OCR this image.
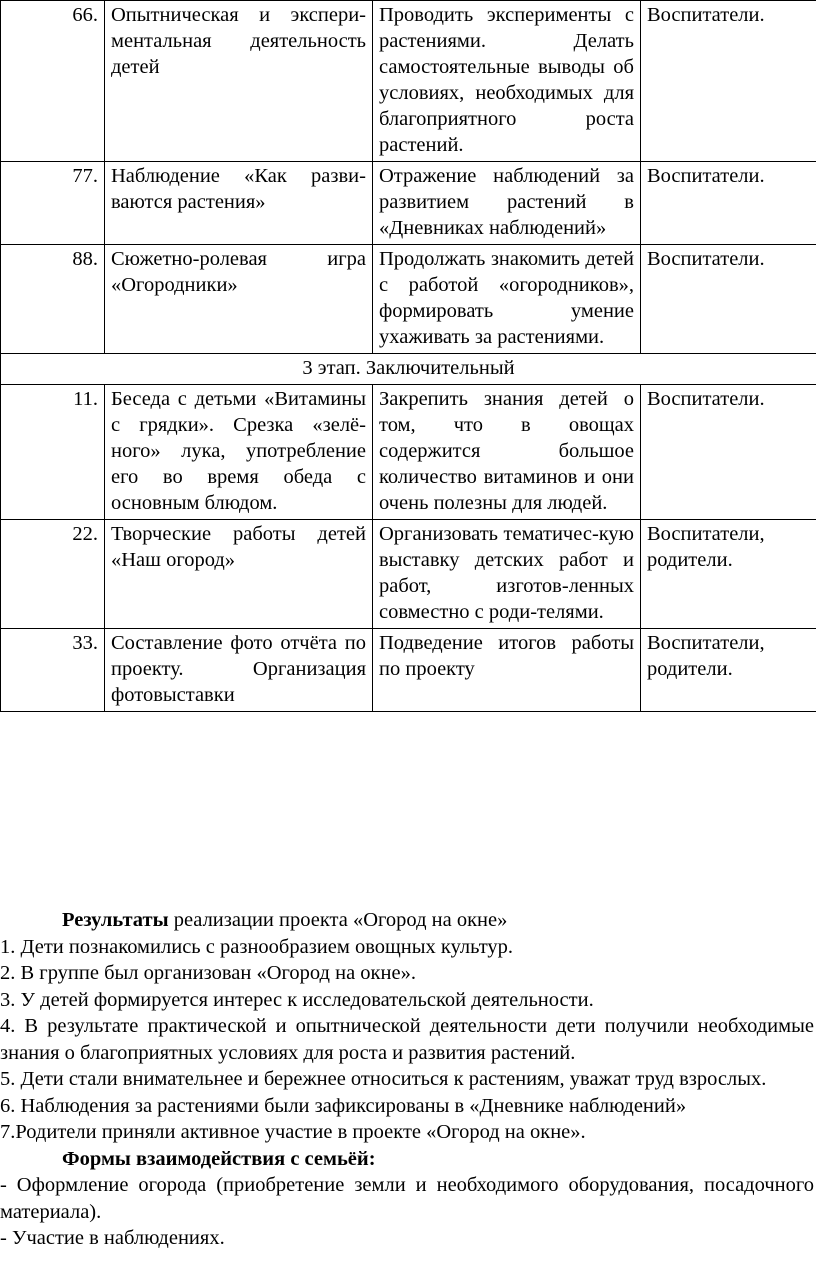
66.	Опытническая и экспери-ментальная деятельность детей	Проводить эксперименты с растениями. Делать самостоятельные выводы об условиях, необходимых для благоприятного роста растений.	Воспитатели.
77.	Наблюдение «Как разви-ваются растения»	Отражение наблюдений за развитием растений в «Дневниках наблюдений»	Воспитатели.
88.	Сюжетно-ролевая игра «Огородники»	Продолжать знакомить детей с работой «огородников», формировать умение ухаживать за растениями.	Воспитатели.
3 этап. Заключительный			
11.	Беседа с детьми «Витамины с грядки». Срезка «зелё-ного» лука, употребление его во время обеда с основным блюдом.	Закрепить знания детей о том, что в овощах содержится большое количество витаминов и они очень полезны для людей.	Воспитатели.
22.	Творческие работы детей «Наш огород»	Организовать тематичес-кую выставку детских работ и работ, изготов-ленных совместно с роди-телями.	Воспитатели, родители.
33.	Составление фото отчёта по проекту. Организация фотовыставки	Подведение итогов работы по проекту	Воспитатели, родители.

Результаты реализации проекта «Огород на окне»

1. Дети познакомились с разнообразием овощных культур.

2. В группе был организован «Огород на окне».

3. У детей формируется интерес к исследовательской деятельности.

4. В результате практической и опытнической деятельности дети получили необходимые знания о благоприятных условиях для роста и развития растений.

5. Дети стали внимательнее и бережнее относиться к растениям, уважат труд взрослых.

6. Наблюдения за растениями были зафиксированы в «Дневнике наблюдений»

7.Родители приняли активное участие в проекте «Огород на окне».

Формы взаимодействия с семьёй:

- Оформление огорода (приобретение земли и необходимого оборудования, посадочного материала).

- Участие в наблюдениях.
